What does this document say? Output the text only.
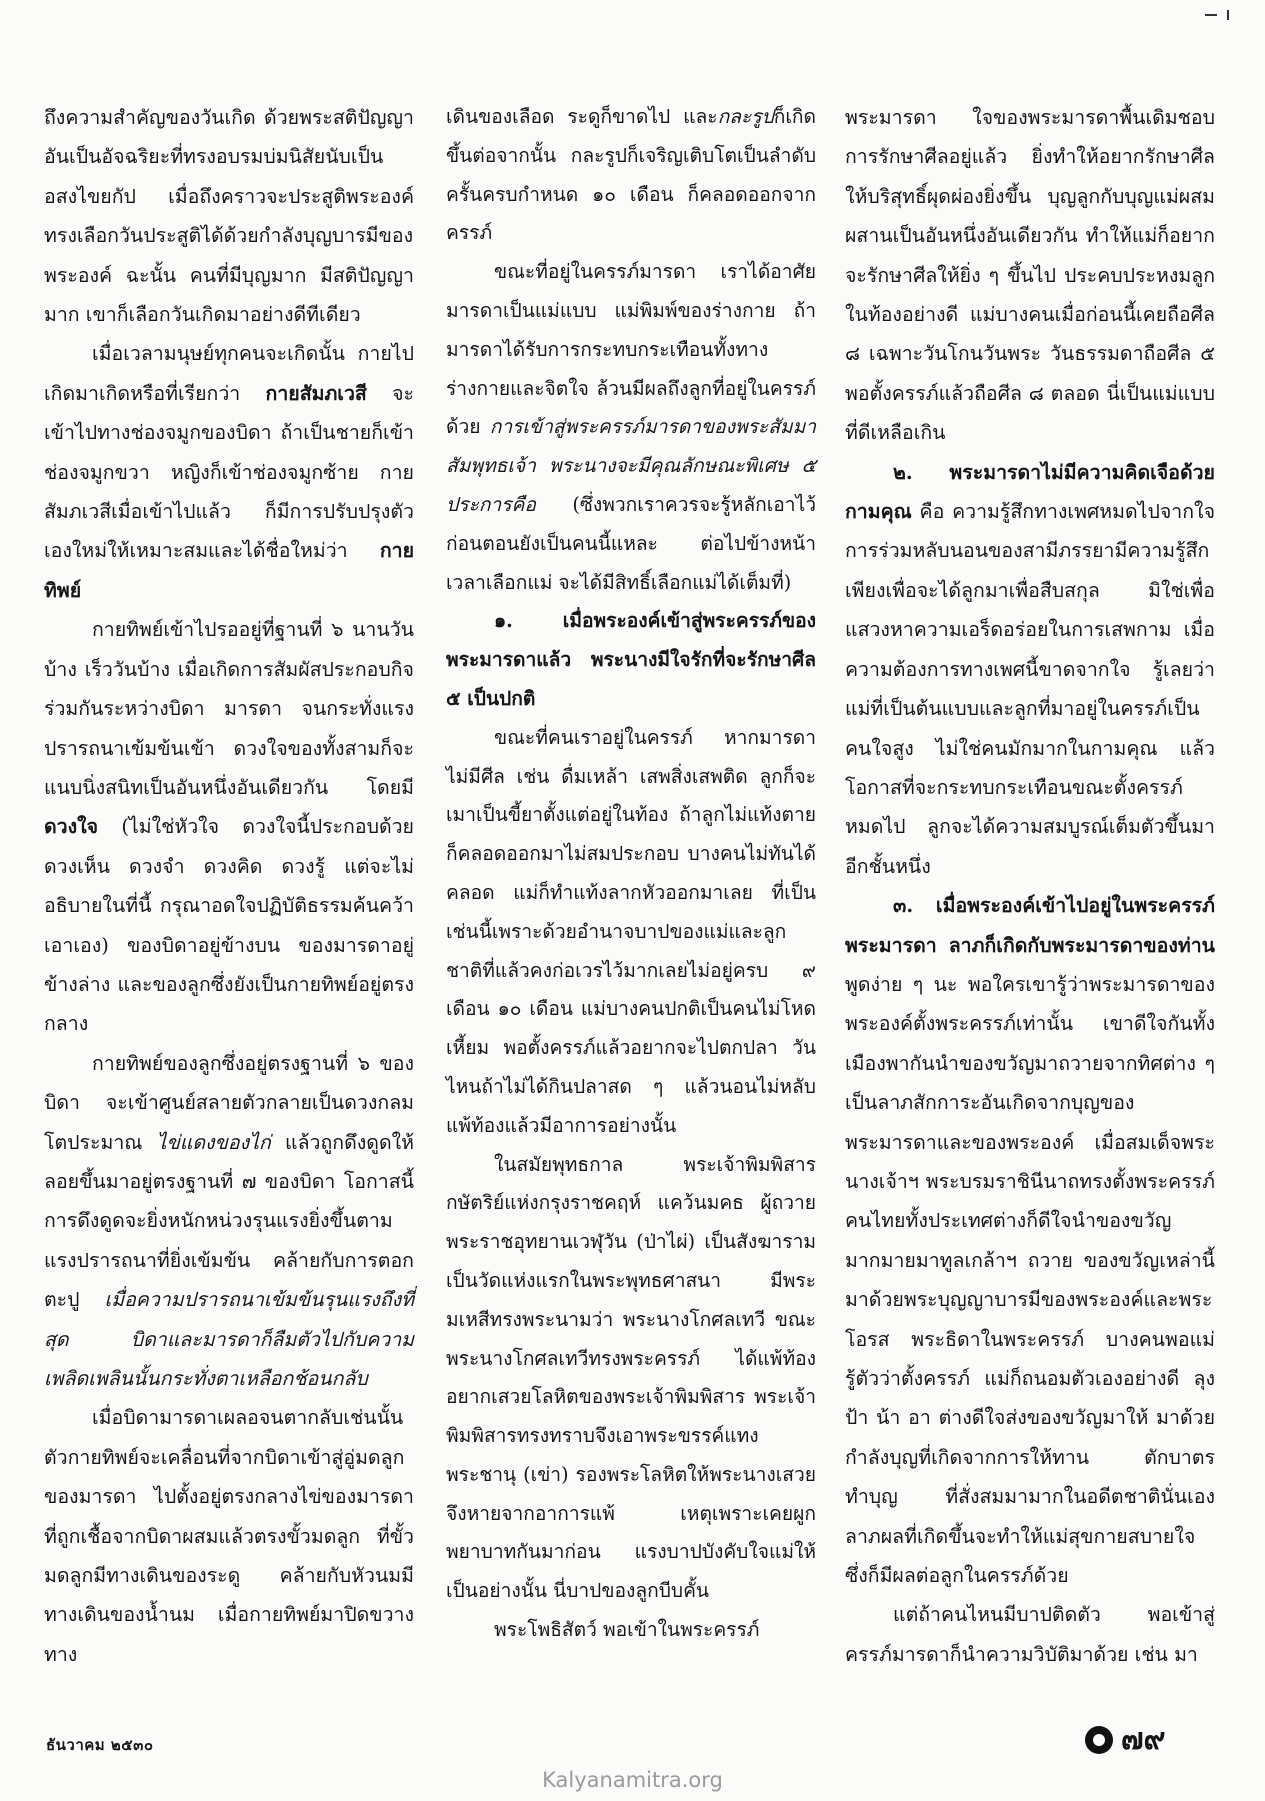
ถึงความสำคัญของวันเกิด ด้วยพระสติปัญญาอันเป็นอัจฉริยะที่ทรงอบรมบ่มนิสัยนับเป็นอสงไขยกัป เมื่อถึงคราวจะประสูติพระองค์ทรงเลือกวันประสูติได้ด้วยกำลังบุญบารมีของพระองค์ ฉะนั้น คนที่มีบุญมาก มีสติปัญญามาก เขาก็เลือกวันเกิดมาอย่างดีทีเดียว

เมื่อเวลามนุษย์ทุกคนจะเกิดนั้น กายไปเกิดมาเกิดหรือที่เรียกว่า กายสัมภเวสี จะเข้าไปทางช่องจมูกของบิดา ถ้าเป็นชายก็เข้าช่องจมูกขวา หญิงก็เข้าช่องจมูกซ้าย กายสัมภเวสีเมื่อเข้าไปแล้ว ก็มีการปรับปรุงตัวเองใหม่ให้เหมาะสมและได้ชื่อใหม่ว่า กายทิพย์

กายทิพย์เข้าไปรออยู่ที่ฐานที่ ๖ นานวันบ้าง เร็ววันบ้าง เมื่อเกิดการสัมผัสประกอบกิจร่วมกันระหว่างบิดา มารดา จนกระทั่งแรงปรารถนาเข้มข้นเข้า ดวงใจของทั้งสามก็จะแนบนิ่งสนิทเป็นอันหนึ่งอันเดียวกัน โดยมี ดวงใจ (ไม่ใช่หัวใจ ดวงใจนี้ประกอบด้วย ดวงเห็น ดวงจำ ดวงคิด ดวงรู้ แต่จะไม่อธิบายในที่นี้ กรุณาอดใจปฏิบัติธรรมค้นคว้าเอาเอง) ของบิดาอยู่ข้างบน ของมารดาอยู่ข้างล่าง และของลูกซึ่งยังเป็นกายทิพย์อยู่ตรงกลาง

กายทิพย์ของลูกซึ่งอยู่ตรงฐานที่ ๖ ของบิดา จะเข้าศูนย์สลายตัวกลายเป็นดวงกลมโตประมาณ ไข่แดงของไก่ แล้วถูกดึงดูดให้ลอยขึ้นมาอยู่ตรงฐานที่ ๗ ของบิดา โอกาสนี้ การดึงดูดจะยิ่งหนักหน่วงรุนแรงยิ่งขึ้นตามแรงปรารถนาที่ยิ่งเข้มข้น คล้ายกับการตอกตะปู เมื่อความปรารถนาเข้มข้นรุนแรงถึงที่สุด บิดาและมารดาก็ลืมตัวไปกับความเพลิดเพลินนั้นกระทั่งตาเหลือกช้อนกลับ

เมื่อบิดามารดาเผลอจนตากลับเช่นนั้น ตัวกายทิพย์จะเคลื่อนที่จากบิดาเข้าสู่อู่มดลูกของมารดา ไปตั้งอยู่ตรงกลางไข่ของมารดาที่ถูกเชื้อจากบิดาผสมแล้วตรงขั้วมดลูก ที่ขั้วมดลูกมีทางเดินของระดู คล้ายกับหัวนมมีทางเดินของน้ำนม เมื่อกายทิพย์มาปิดขวางทาง

เดินของเลือด ระดูก็ขาดไป และกละรูปก็เกิดขึ้นต่อจากนั้น กละรูปก็เจริญเติบโตเป็นลำดับ ครั้นครบกำหนด ๑๐ เดือน ก็คลอดออกจากครรภ์

ขณะที่อยู่ในครรภ์มารดา เราได้อาศัยมารดาเป็นแม่แบบ แม่พิมพ์ของร่างกาย ถ้ามารดาได้รับการกระทบกระเทือนทั้งทางร่างกายและจิตใจ ล้วนมีผลถึงลูกที่อยู่ในครรภ์ด้วย การเข้าสู่พระครรภ์มารดาของพระสัมมาสัมพุทธเจ้า พระนางจะมีคุณลักษณะพิเศษ ๕ ประการคือ (ซึ่งพวกเราควรจะรู้หลักเอาไว้ก่อนตอนยังเป็นคนนี้แหละ ต่อไปข้างหน้าเวลาเลือกแม่ จะได้มีสิทธิ์เลือกแม่ได้เต็มที่)

๑. เมื่อพระองค์เข้าสู่พระครรภ์ของพระมารดาแล้ว พระนางมีใจรักที่จะรักษาศีล ๕ เป็นปกติ

ขณะที่คนเราอยู่ในครรภ์ หากมารดาไม่มีศีล เช่น ดื่มเหล้า เสพสิ่งเสพติด ลูกก็จะเมาเป็นขี้ยาตั้งแต่อยู่ในท้อง ถ้าลูกไม่แท้งตาย ก็คลอดออกมาไม่สมประกอบ บางคนไม่ทันได้คลอด แม่ก็ทำแท้งลากหัวออกมาเลย ที่เป็นเช่นนี้เพราะด้วยอำนาจบาปของแม่และลูก ชาติที่แล้วคงก่อเวรไว้มากเลยไม่อยู่ครบ ๙ เดือน ๑๐ เดือน แม่บางคนปกติเป็นคนไม่โหดเหี้ยม พอตั้งครรภ์แล้วอยากจะไปตกปลา วันไหนถ้าไม่ได้กินปลาสด ๆ แล้วนอนไม่หลับ แพ้ท้องแล้วมีอาการอย่างนั้น

ในสมัยพุทธกาล พระเจ้าพิมพิสาร กษัตริย์แห่งกรุงราชคฤห์ แคว้นมคธ ผู้ถวายพระราชอุทยานเวฬุวัน (ป่าไผ่) เป็นสังฆารามเป็นวัดแห่งแรกในพระพุทธศาสนา มีพระมเหสีทรงพระนามว่า พระนางโกศลเทวี ขณะพระนางโกศลเทวีทรงพระครรภ์ ได้แพ้ท้องอยากเสวยโลหิตของพระเจ้าพิมพิสาร พระเจ้าพิมพิสารทรงทราบจึงเอาพระขรรค์แทงพระชานุ (เข่า) รองพระโลหิตให้พระนางเสวยจึงหายจากอาการแพ้ เหตุเพราะเคยผูกพยาบาทกันมาก่อน แรงบาปบังคับใจแม่ให้เป็นอย่างนั้น นี่บาปของลูกบีบคั้น

พระโพธิสัตว์ พอเข้าในพระครรภ์

พระมารดา ใจของพระมารดาพื้นเดิมชอบการรักษาศีลอยู่แล้ว ยิ่งทำให้อยากรักษาศีลให้บริสุทธิ์ผุดผ่องยิ่งขึ้น บุญลูกกับบุญแม่ผสมผสานเป็นอันหนึ่งอันเดียวกัน ทำให้แม่ก็อยากจะรักษาศีลให้ยิ่ง ๆ ขึ้นไป ประคบประหงมลูกในท้องอย่างดี แม่บางคนเมื่อก่อนนี้เคยถือศีล ๘ เฉพาะวันโกนวันพระ วันธรรมดาถือศีล ๕ พอตั้งครรภ์แล้วถือศีล ๘ ตลอด นี่เป็นแม่แบบที่ดีเหลือเกิน

๒. พระมารดาไม่มีความคิดเจือด้วยกามคุณ คือ ความรู้สึกทางเพศหมดไปจากใจ การร่วมหลับนอนของสามีภรรยามีความรู้สึกเพียงเพื่อจะได้ลูกมาเพื่อสืบสกุล มิใช่เพื่อแสวงหาความเอร็ดอร่อยในการเสพกาม เมื่อความต้องการทางเพศนี้ขาดจากใจ รู้เลยว่า แม่ที่เป็นต้นแบบและลูกที่มาอยู่ในครรภ์เป็นคนใจสูง ไม่ใช่คนมักมากในกามคุณ แล้วโอกาสที่จะกระทบกระเทือนขณะตั้งครรภ์หมดไป ลูกจะได้ความสมบูรณ์เต็มตัวขึ้นมาอีกชั้นหนึ่ง

๓. เมื่อพระองค์เข้าไปอยู่ในพระครรภ์พระมารดา ลาภก็เกิดกับพระมารดาของท่าน พูดง่าย ๆ นะ พอใครเขารู้ว่าพระมารดาของพระองค์ตั้งพระครรภ์เท่านั้น เขาดีใจกันทั้งเมืองพากันนำของขวัญมาถวายจากทิศต่าง ๆ เป็นลาภสักการะอันเกิดจากบุญของพระมารดาและของพระองค์ เมื่อสมเด็จพระนางเจ้าฯ พระบรมราชินีนาถทรงตั้งพระครรภ์ คนไทยทั้งประเทศต่างก็ดีใจนำของขวัญมากมายมาทูลเกล้าฯ ถวาย ของขวัญเหล่านี้มาด้วยพระบุญญาบารมีของพระองค์และพระโอรส พระธิดาในพระครรภ์ บางคนพอแม่รู้ตัวว่าตั้งครรภ์ แม่ก็ถนอมตัวเองอย่างดี ลุง ป้า น้า อา ต่างดีใจส่งของขวัญมาให้ มาด้วยกำลังบุญที่เกิดจากการให้ทาน ตักบาตรทำบุญ ที่สั่งสมมามากในอดีตชาตินั่นเอง ลาภผลที่เกิดขึ้นจะทำให้แม่สุขกายสบายใจ ซึ่งก็มีผลต่อลูกในครรภ์ด้วย

แต่ถ้าคนไหนมีบาปติดตัว พอเข้าสู่ครรภ์มารดาก็นำความวิบัติมาด้วย เช่น มา

ธันวาคม ๒๕๓๐	๗๙
Kalyanamitra.org
